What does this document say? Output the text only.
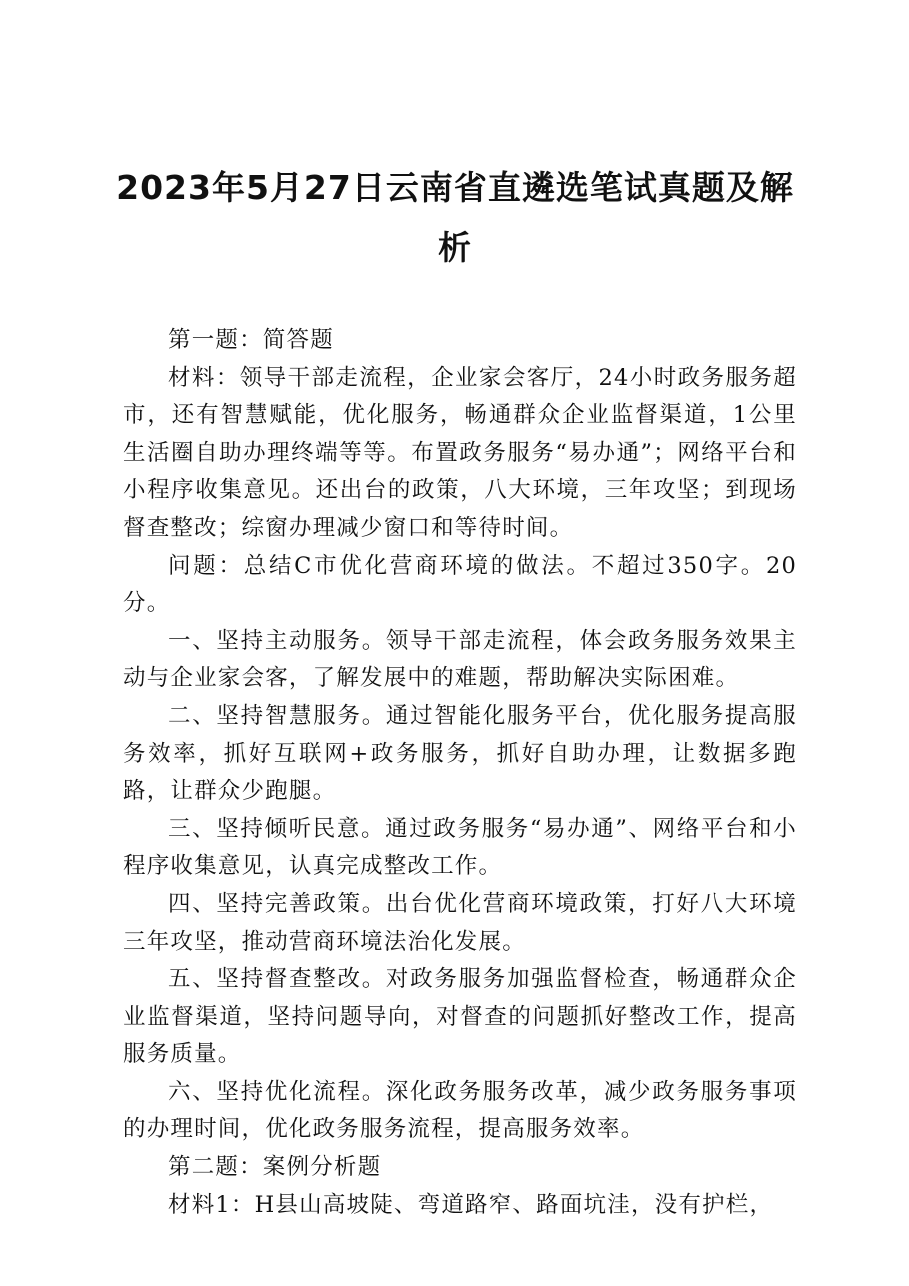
2023年5月27日云南省直遴选笔试真题及解析

第一题：简答题

材料：领导干部走流程，企业家会客厅，24小时政务服务超市，还有智慧赋能，优化服务，畅通群众企业监督渠道，1公里生活圈自助办理终端等等。布置政务服务“易办通”；网络平台和小程序收集意见。还出台的政策，八大环境，三年攻坚；到现场督查整改；综窗办理减少窗口和等待时间。

问题：总结C市优化营商环境的做法。不超过350字。20分。

一、坚持主动服务。领导干部走流程，体会政务服务效果主动与企业家会客，了解发展中的难题，帮助解决实际困难。

二、坚持智慧服务。通过智能化服务平台，优化服务提高服务效率，抓好互联网+政务服务，抓好自助办理，让数据多跑路，让群众少跑腿。

三、坚持倾听民意。通过政务服务“易办通”、网络平台和小程序收集意见，认真完成整改工作。

四、坚持完善政策。出台优化营商环境政策，打好八大环境三年攻坚，推动营商环境法治化发展。

五、坚持督查整改。对政务服务加强监督检查，畅通群众企业监督渠道，坚持问题导向，对督查的问题抓好整改工作，提高服务质量。

六、坚持优化流程。深化政务服务改革，减少政务服务事项的办理时间，优化政务服务流程，提高服务效率。

第二题：案例分析题

材料1：H县山高坡陡、弯道路窄、路面坑洼，没有护栏，
